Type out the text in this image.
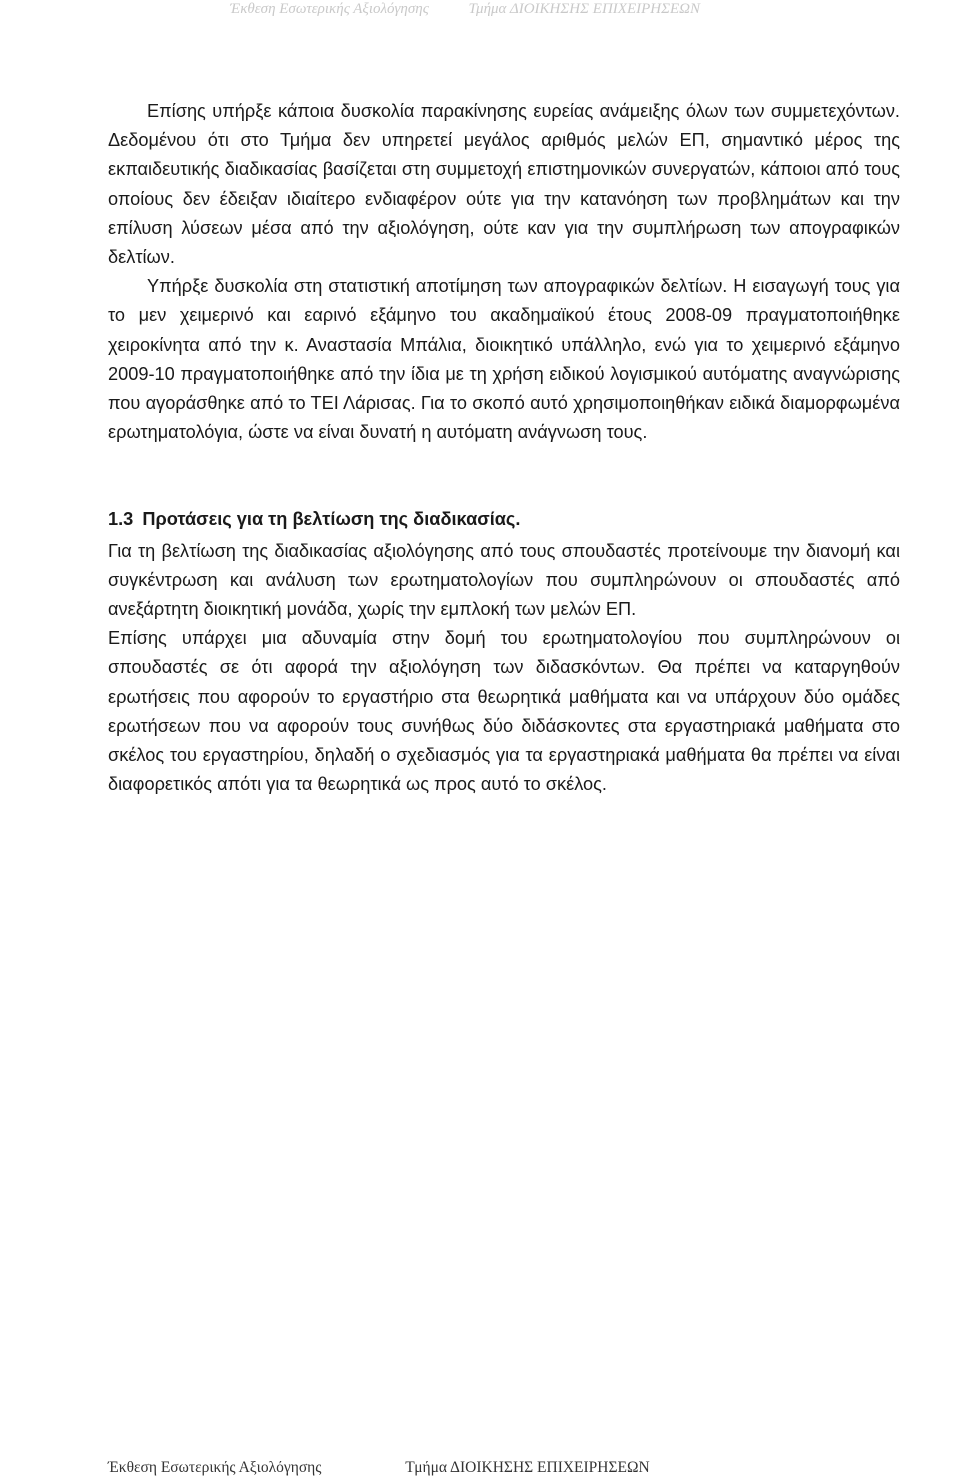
Έκθεση Εσωτερικής Αξιολόγησης	Τμήμα ΔΙΟΙΚΗΣΗΣ ΕΠΙΧΕΙΡΗΣΕΩΝ

Επίσης υπήρξε κάποια δυσκολία παρακίνησης ευρείας ανάμειξης όλων των συμμετεχόντων. Δεδομένου ότι στο Τμήμα δεν υπηρετεί μεγάλος αριθμός μελών ΕΠ, σημαντικό μέρος της εκπαιδευτικής διαδικασίας βασίζεται στη συμμετοχή επιστημονικών συνεργατών, κάποιοι από τους οποίους δεν έδειξαν ιδιαίτερο ενδιαφέρον ούτε για την κατανόηση των προβλημάτων και την επίλυση λύσεων μέσα από την αξιολόγηση, ούτε καν για την συμπλήρωση των απογραφικών δελτίων.

Υπήρξε δυσκολία στη στατιστική αποτίμηση των απογραφικών δελτίων. Η εισαγωγή τους για το μεν χειμερινό και εαρινό εξάμηνο του ακαδημαϊκού έτους 2008-09 πραγματοποιήθηκε χειροκίνητα από την κ. Αναστασία Μπάλια, διοικητικό υπάλληλο, ενώ για το χειμερινό εξάμηνο 2009-10 πραγματοποιήθηκε από την ίδια με τη χρήση ειδικού λογισμικού αυτόματης αναγνώρισης που αγοράσθηκε από το ΤΕΙ Λάρισας. Για το σκοπό αυτό χρησιμοποιηθήκαν ειδικά διαμορφωμένα ερωτηματολόγια, ώστε να είναι δυνατή η αυτόματη ανάγνωση τους.

1.3 Προτάσεις για τη βελτίωση της διαδικασίας.

Για τη βελτίωση της διαδικασίας αξιολόγησης από τους σπουδαστές προτείνουμε την διανομή και συγκέντρωση και ανάλυση των ερωτηματολογίων που συμπληρώνουν οι σπουδαστές από ανεξάρτητη διοικητική μονάδα, χωρίς την εμπλοκή των μελών ΕΠ.

Επίσης υπάρχει μια αδυναμία στην δομή του ερωτηματολογίου που συμπληρώνουν οι σπουδαστές σε ότι αφορά την αξιολόγηση των διδασκόντων. Θα πρέπει να καταργηθούν ερωτήσεις που αφορούν το εργαστήριο στα θεωρητικά μαθήματα και να υπάρχουν δύο ομάδες ερωτήσεων που να αφορούν τους συνήθως δύο διδάσκοντες στα εργαστηριακά μαθήματα στο σκέλος του εργαστηρίου, δηλαδή ο σχεδιασμός για τα εργαστηριακά μαθήματα θα πρέπει να είναι διαφορετικός απότι για τα θεωρητικά ως προς αυτό το σκέλος.

Έκθεση Εσωτερικής Αξιολόγησης	Τμήμα ΔΙΟΙΚΗΣΗΣ ΕΠΙΧΕΙΡΗΣΕΩΝ
